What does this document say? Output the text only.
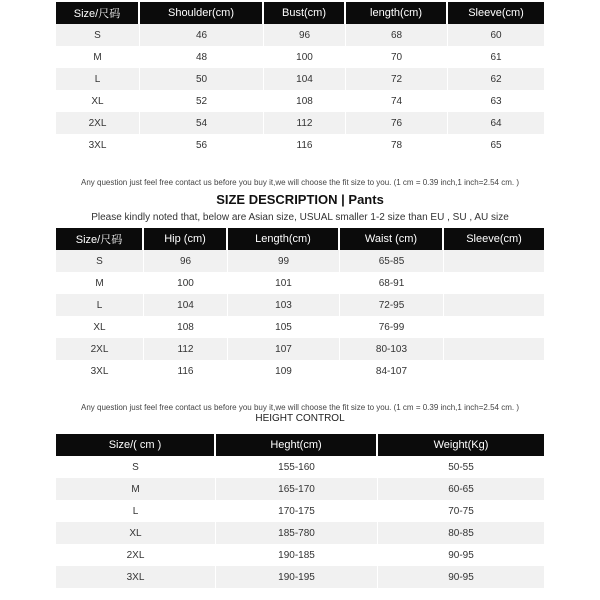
Size/尺码	Shoulder(cm)	Bust(cm)	length(cm)	Sleeve(cm)
S	46	96	68	60
M	48	100	70	61
L	50	104	72	62
XL	52	108	74	63
2XL	54	112	76	64
3XL	56	116	78	65
Any question just feel free contact us before you buy it,we will choose the fit size to you. (1 cm = 0.39 inch,1 inch=2.54 cm. )
SIZE DESCRIPTION | Pants
Please kindly noted that, below are Asian size, USUAL smaller 1-2 size than EU , SU , AU size
Size/尺码	Hip (cm)	Length(cm)	Waist (cm)	Sleeve(cm)
S	96	99	65-85	
M	100	101	68-91	
L	104	103	72-95	
XL	108	105	76-99	
2XL	112	107	80-103	
3XL	116	109	84-107	
Any question just feel free contact us before you buy it,we will choose the fit size to you. (1 cm = 0.39 inch,1 inch=2.54 cm. )
HEIGHT CONTROL
Size/( cm )	Heght(cm)	Weight(Kg)
S	155-160	50-55
M	165-170	60-65
L	170-175	70-75
XL	185-780	80-85
2XL	190-185	90-95
3XL	190-195	90-95
